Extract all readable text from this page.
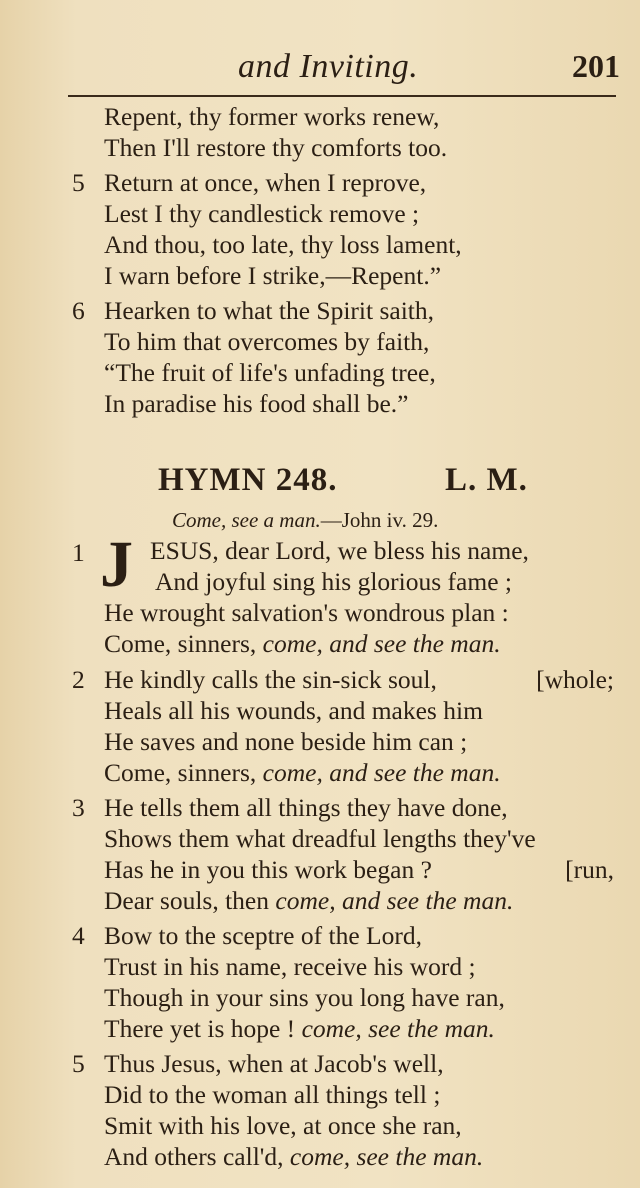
and Inviting.	201
Repent, thy former works renew,
Then I'll restore thy comforts too.
5 Return at once, when I reprove,
Lest I thy candlestick remove ;
And thou, too late, thy loss lament,
I warn before I strike,—Repent.”
6 Hearken to what the Spirit saith,
To him that overcomes by faith,
“The fruit of life's unfading tree,
In paradise his food shall be.”
HYMN 248.	L. M.
Come, see a man.—John iv. 29.
1 J ESUS, dear Lord, we bless his name,
And joyful sing his glorious fame ;
He wrought salvation's wondrous plan :
Come, sinners, come, and see the man.
2 He kindly calls the sin-sick soul,	[whole;
Heals all his wounds, and makes him
He saves and none beside him can ;
Come, sinners, come, and see the man.
3 He tells them all things they have done,
Shows them what dreadful lengths they've
Has he in you this work began ?	[run,
Dear souls, then come, and see the man.
4 Bow to the sceptre of the Lord,
Trust in his name, receive his word ;
Though in your sins you long have ran,
There yet is hope ! come, see the man.
5 Thus Jesus, when at Jacob's well,
Did to the woman all things tell ;
Smit with his love, at once she ran,
And others call'd, come, see the man.
